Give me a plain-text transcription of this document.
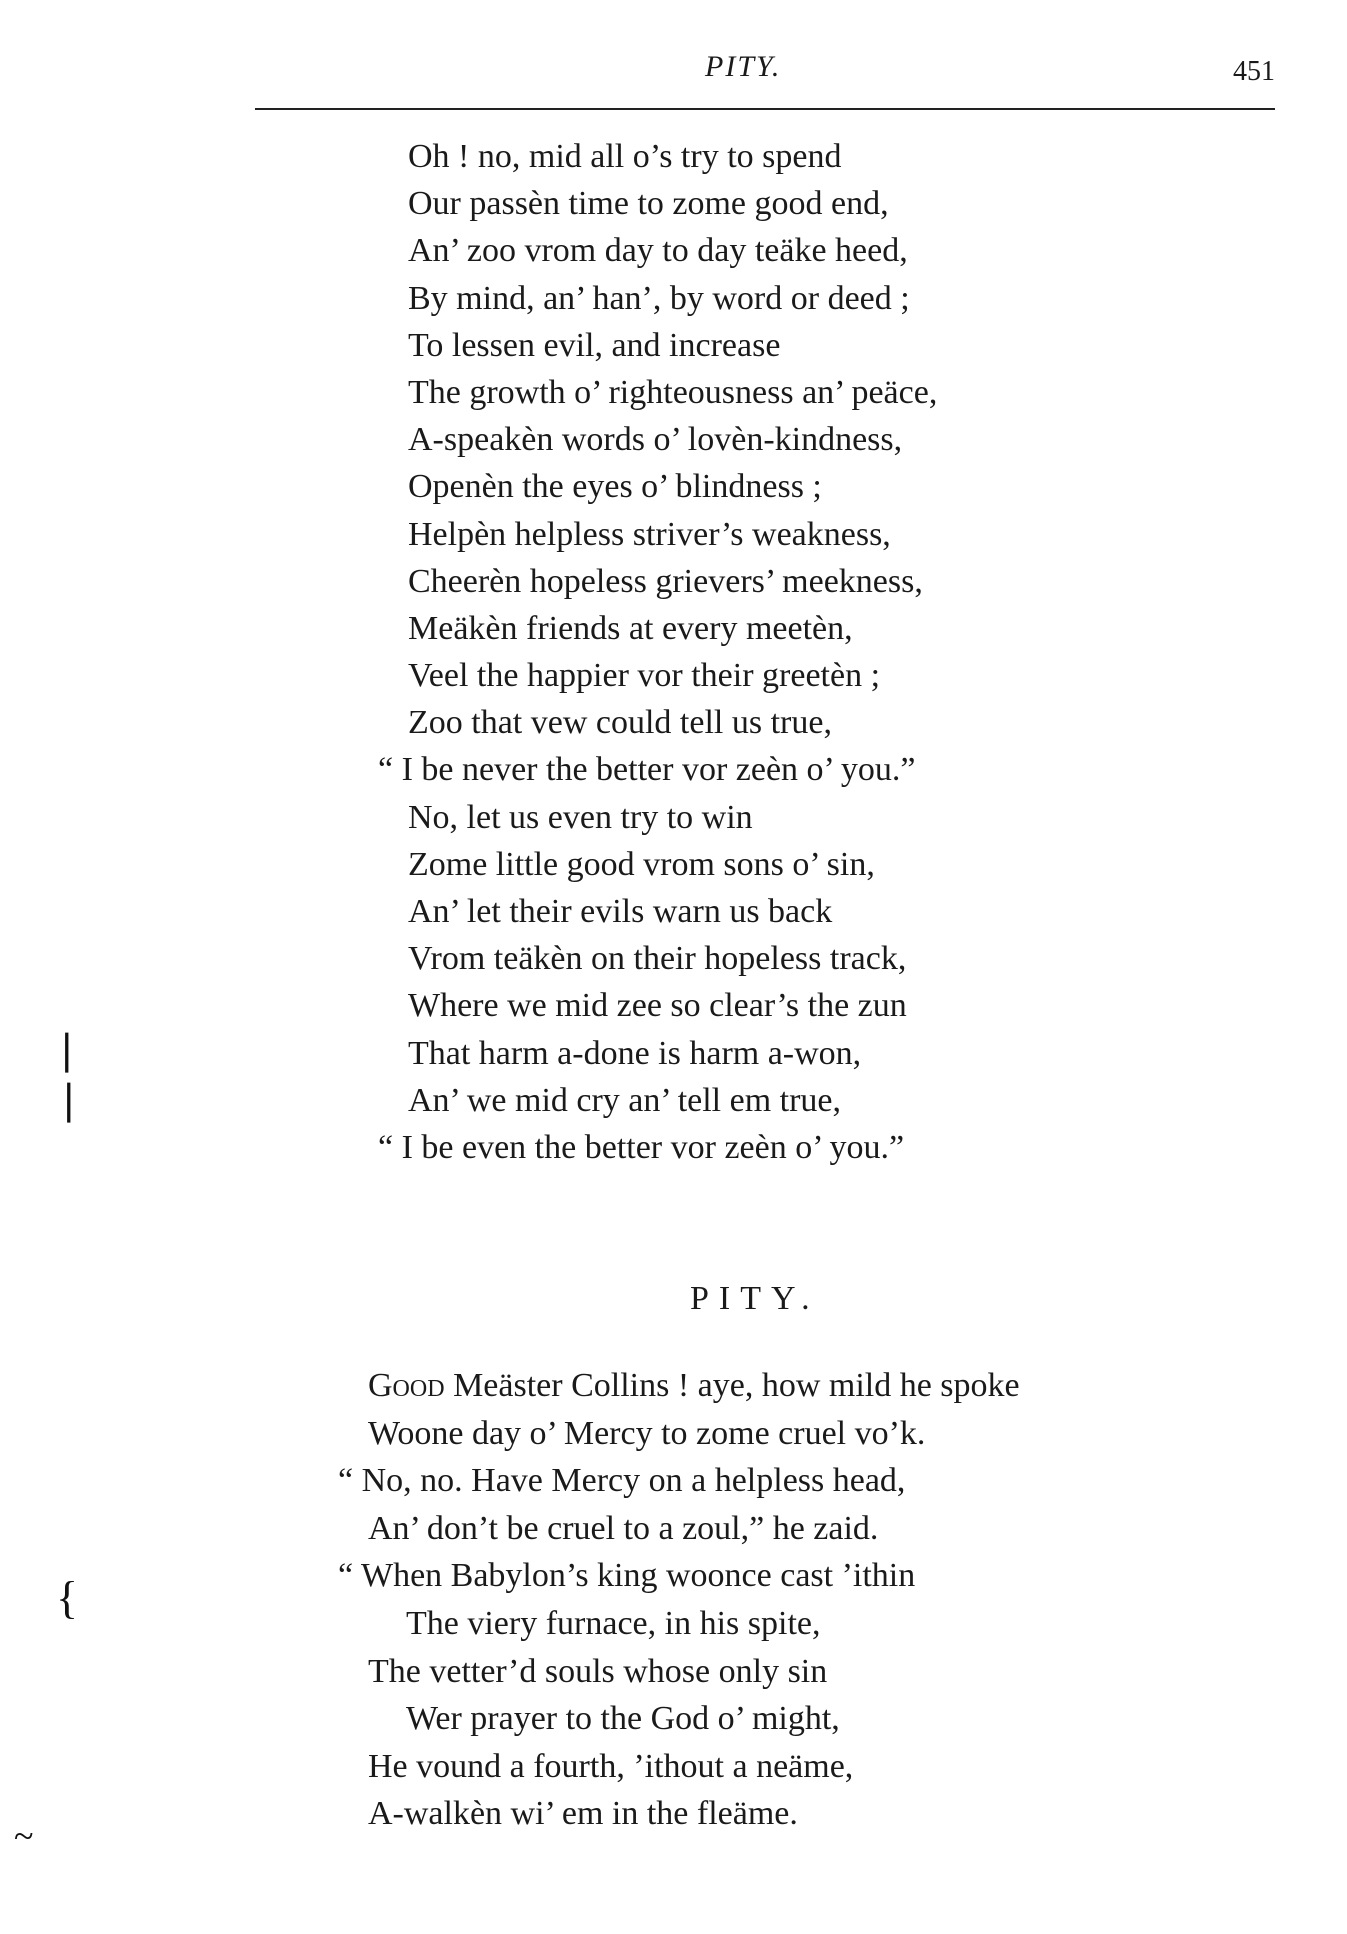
PITY.	451
Oh ! no, mid all o’s try to spend
Our passèn time to zome good end,
An’ zoo vrom day to day teäke heed,
By mind, an’ han’, by word or deed ;
To lessen evil, and increase
The growth o’ righteousness an’ peäce,
A-speakèn words o’ lovèn-kindness,
Openèn the eyes o’ blindness ;
Helpèn helpless striver’s weakness,
Cheerèn hopeless grievers’ meekness,
Meäkèn friends at every meetèn,
Veel the happier vor their greetèn ;
Zoo that vew could tell us true,
“ I be never the better vor zeèn o’ you.”
No, let us even try to win
Zome little good vrom sons o’ sin,
An’ let their evils warn us back
Vrom teäkèn on their hopeless track,
Where we mid zee so clear’s the zun
That harm a-done is harm a-won,
An’ we mid cry an’ tell em true,
“ I be even the better vor zeèn o’ you.”
PITY.
Good Meäster Collins ! aye, how mild he spoke
Woone day o’ Mercy to zome cruel vo’k.
“ No, no. Have Mercy on a helpless head,
An’ don’t be cruel to a zoul,” he zaid.
“ When Babylon’s king woonce cast ’ithin
The viery furnace, in his spite,
The vetter’d souls whose only sin
Wer prayer to the God o’ might,
He vound a fourth, ’ithout a neäme,
A-walkèn wi’ em in the fleäme.
❘
❘
{
~
